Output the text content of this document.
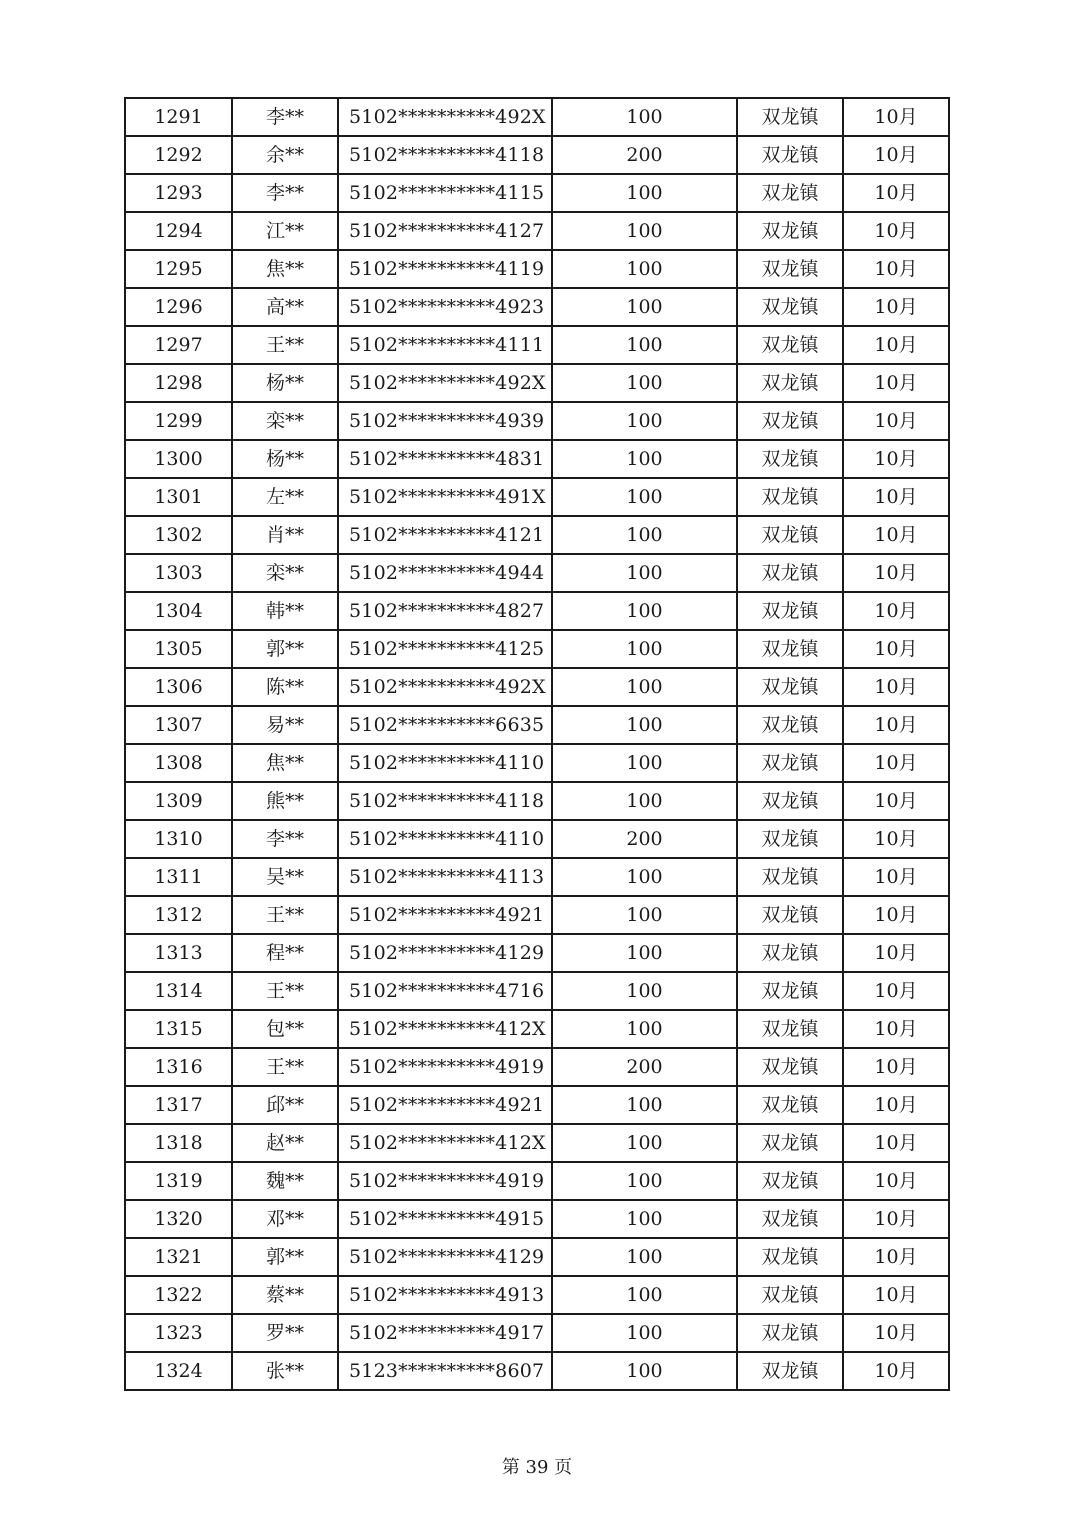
1291	李**	5102**********492X	100	双龙镇	10月
1292	余**	5102**********4118	200	双龙镇	10月
1293	李**	5102**********4115	100	双龙镇	10月
1294	江**	5102**********4127	100	双龙镇	10月
1295	焦**	5102**********4119	100	双龙镇	10月
1296	高**	5102**********4923	100	双龙镇	10月
1297	王**	5102**********4111	100	双龙镇	10月
1298	杨**	5102**********492X	100	双龙镇	10月
1299	栾**	5102**********4939	100	双龙镇	10月
1300	杨**	5102**********4831	100	双龙镇	10月
1301	左**	5102**********491X	100	双龙镇	10月
1302	肖**	5102**********4121	100	双龙镇	10月
1303	栾**	5102**********4944	100	双龙镇	10月
1304	韩**	5102**********4827	100	双龙镇	10月
1305	郭**	5102**********4125	100	双龙镇	10月
1306	陈**	5102**********492X	100	双龙镇	10月
1307	易**	5102**********6635	100	双龙镇	10月
1308	焦**	5102**********4110	100	双龙镇	10月
1309	熊**	5102**********4118	100	双龙镇	10月
1310	李**	5102**********4110	200	双龙镇	10月
1311	吴**	5102**********4113	100	双龙镇	10月
1312	王**	5102**********4921	100	双龙镇	10月
1313	程**	5102**********4129	100	双龙镇	10月
1314	王**	5102**********4716	100	双龙镇	10月
1315	包**	5102**********412X	100	双龙镇	10月
1316	王**	5102**********4919	200	双龙镇	10月
1317	邱**	5102**********4921	100	双龙镇	10月
1318	赵**	5102**********412X	100	双龙镇	10月
1319	魏**	5102**********4919	100	双龙镇	10月
1320	邓**	5102**********4915	100	双龙镇	10月
1321	郭**	5102**********4129	100	双龙镇	10月
1322	蔡**	5102**********4913	100	双龙镇	10月
1323	罗**	5102**********4917	100	双龙镇	10月
1324	张**	5123**********8607	100	双龙镇	10月
第 39 页
